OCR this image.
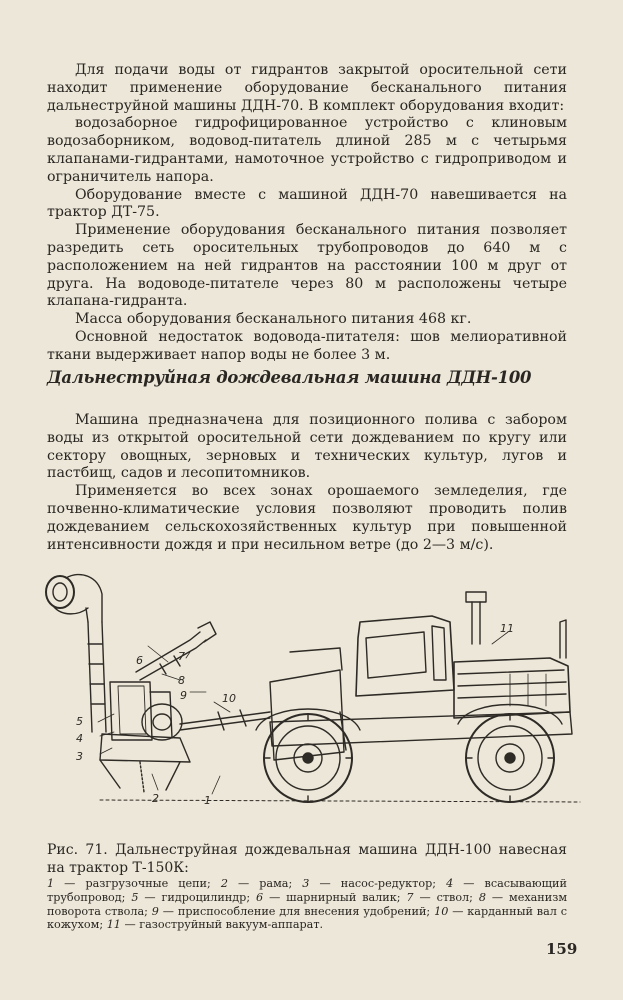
Для подачи воды от гидрантов закрытой оросительной сети находит применение оборудование бесканального питания дальнеструйной машины ДДН-70. В комплект оборудования входит:

водозаборное гидрофицированное устройство с клиновым водозаборником, водовод-питатель длиной 285 м с четырьмя клапанами-гидрантами, намоточное устройство с гидроприводом и ограничитель напора.

Оборудование вместе с машиной ДДН-70 навешивается на трактор ДТ-75.

Применение оборудования бесканального питания позволяет разредить сеть оросительных трубопроводов до 640 м с расположением на ней гидрантов на расстоянии 100 м друг от друга. На водоводе-питателе через 80 м расположены четыре клапана-гидранта.

Масса оборудования бесканального питания 468 кг.

Основной недостаток водовода-питателя: шов мелиоративной ткани выдерживает напор воды не более 3 м.

Дальнеструйная дождевальная машина ДДН-100

Машина предназначена для позиционного полива с забором воды из открытой оросительной сети дождеванием по кругу или сектору овощных, зерновых и технических культур, лугов и пастбищ, садов и лесопитомников.

Применяется во всех зонах орошаемого земледелия, где почвенно-климатические условия позволяют проводить полив дождеванием сельскохозяйственных культур при повышенной интенсивности дождя и при несильном ветре (до 2—3 м/с).

1
2
3
4
5
6	7
8
9	10
11
Рис. 71. Дальнеструйная дождевальная машина ДДН-100 навесная на трактор Т-150К:
1 — разгрузочные цепи; 2 — рама; 3 — насос-редуктор; 4 — всасывающий трубопровод; 5 — гидроцилиндр; 6 — шарнирный валик; 7 — ствол; 8 — механизм поворота ствола; 9 — приспособление для внесения удобрений; 10 — карданный вал с кожухом; 11 — газоструйный вакуум-аппарат.
159
